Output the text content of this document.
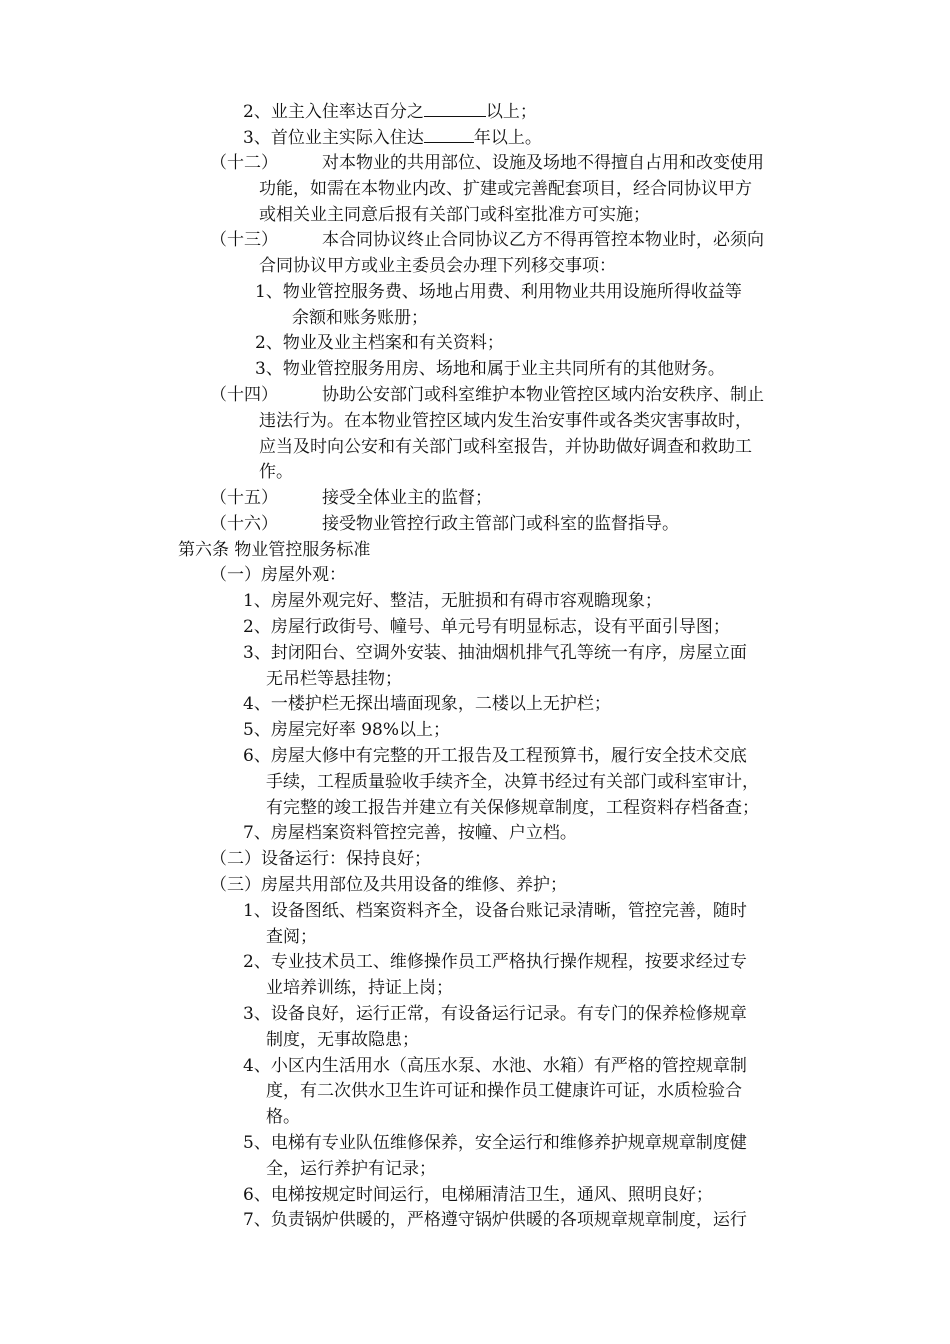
2、业主入住率达百分之	以上；
3、首位业主实际入住达	年以上。
（十二）	对本物业的共用部位、设施及场地不得擅自占用和改变使用
功能，如需在本物业内改、扩建或完善配套项目，经合同协议甲方
或相关业主同意后报有关部门或科室批准方可实施；
（十三）	本合同协议终止合同协议乙方不得再管控本物业时，必须向
合同协议甲方或业主委员会办理下列移交事项：
1、物业管控服务费、场地占用费、利用物业共用设施所得收益等
余额和账务账册；
2、物业及业主档案和有关资料；
3、物业管控服务用房、场地和属于业主共同所有的其他财务。
（十四）	协助公安部门或科室维护本物业管控区域内治安秩序、制止
违法行为。在本物业管控区域内发生治安事件或各类灾害事故时，
应当及时向公安和有关部门或科室报告，并协助做好调查和救助工
作。
（十五）	接受全体业主的监督；
（十六）	接受物业管控行政主管部门或科室的监督指导。
第六条 物业管控服务标准
（一）房屋外观：
1、房屋外观完好、整洁，无脏损和有碍市容观瞻现象；
2、房屋行政街号、幢号、单元号有明显标志，设有平面引导图；
3、封闭阳台、空调外安装、抽油烟机排气孔等统一有序，房屋立面
无吊栏等悬挂物；
4、一楼护栏无探出墙面现象，二楼以上无护栏；
5、房屋完好率 98%以上；
6、房屋大修中有完整的开工报告及工程预算书，履行安全技术交底
手续，工程质量验收手续齐全，决算书经过有关部门或科室审计，
有完整的竣工报告并建立有关保修规章制度，工程资料存档备查；
7、房屋档案资料管控完善，按幢、户立档。
（二）设备运行：保持良好；
（三）房屋共用部位及共用设备的维修、养护；
1、设备图纸、档案资料齐全，设备台账记录清晰，管控完善，随时
查阅；
2、专业技术员工、维修操作员工严格执行操作规程，按要求经过专
业培养训练，持证上岗；
3、设备良好，运行正常，有设备运行记录。有专门的保养检修规章
制度，无事故隐患；
4、小区内生活用水（高压水泵、水池、水箱）有严格的管控规章制
度，有二次供水卫生许可证和操作员工健康许可证，水质检验合
格。
5、电梯有专业队伍维修保养，安全运行和维修养护规章规章制度健
全，运行养护有记录；
6、电梯按规定时间运行，电梯厢清洁卫生，通风、照明良好；
7、负责锅炉供暖的，严格遵守锅炉供暖的各项规章规章制度，运行
